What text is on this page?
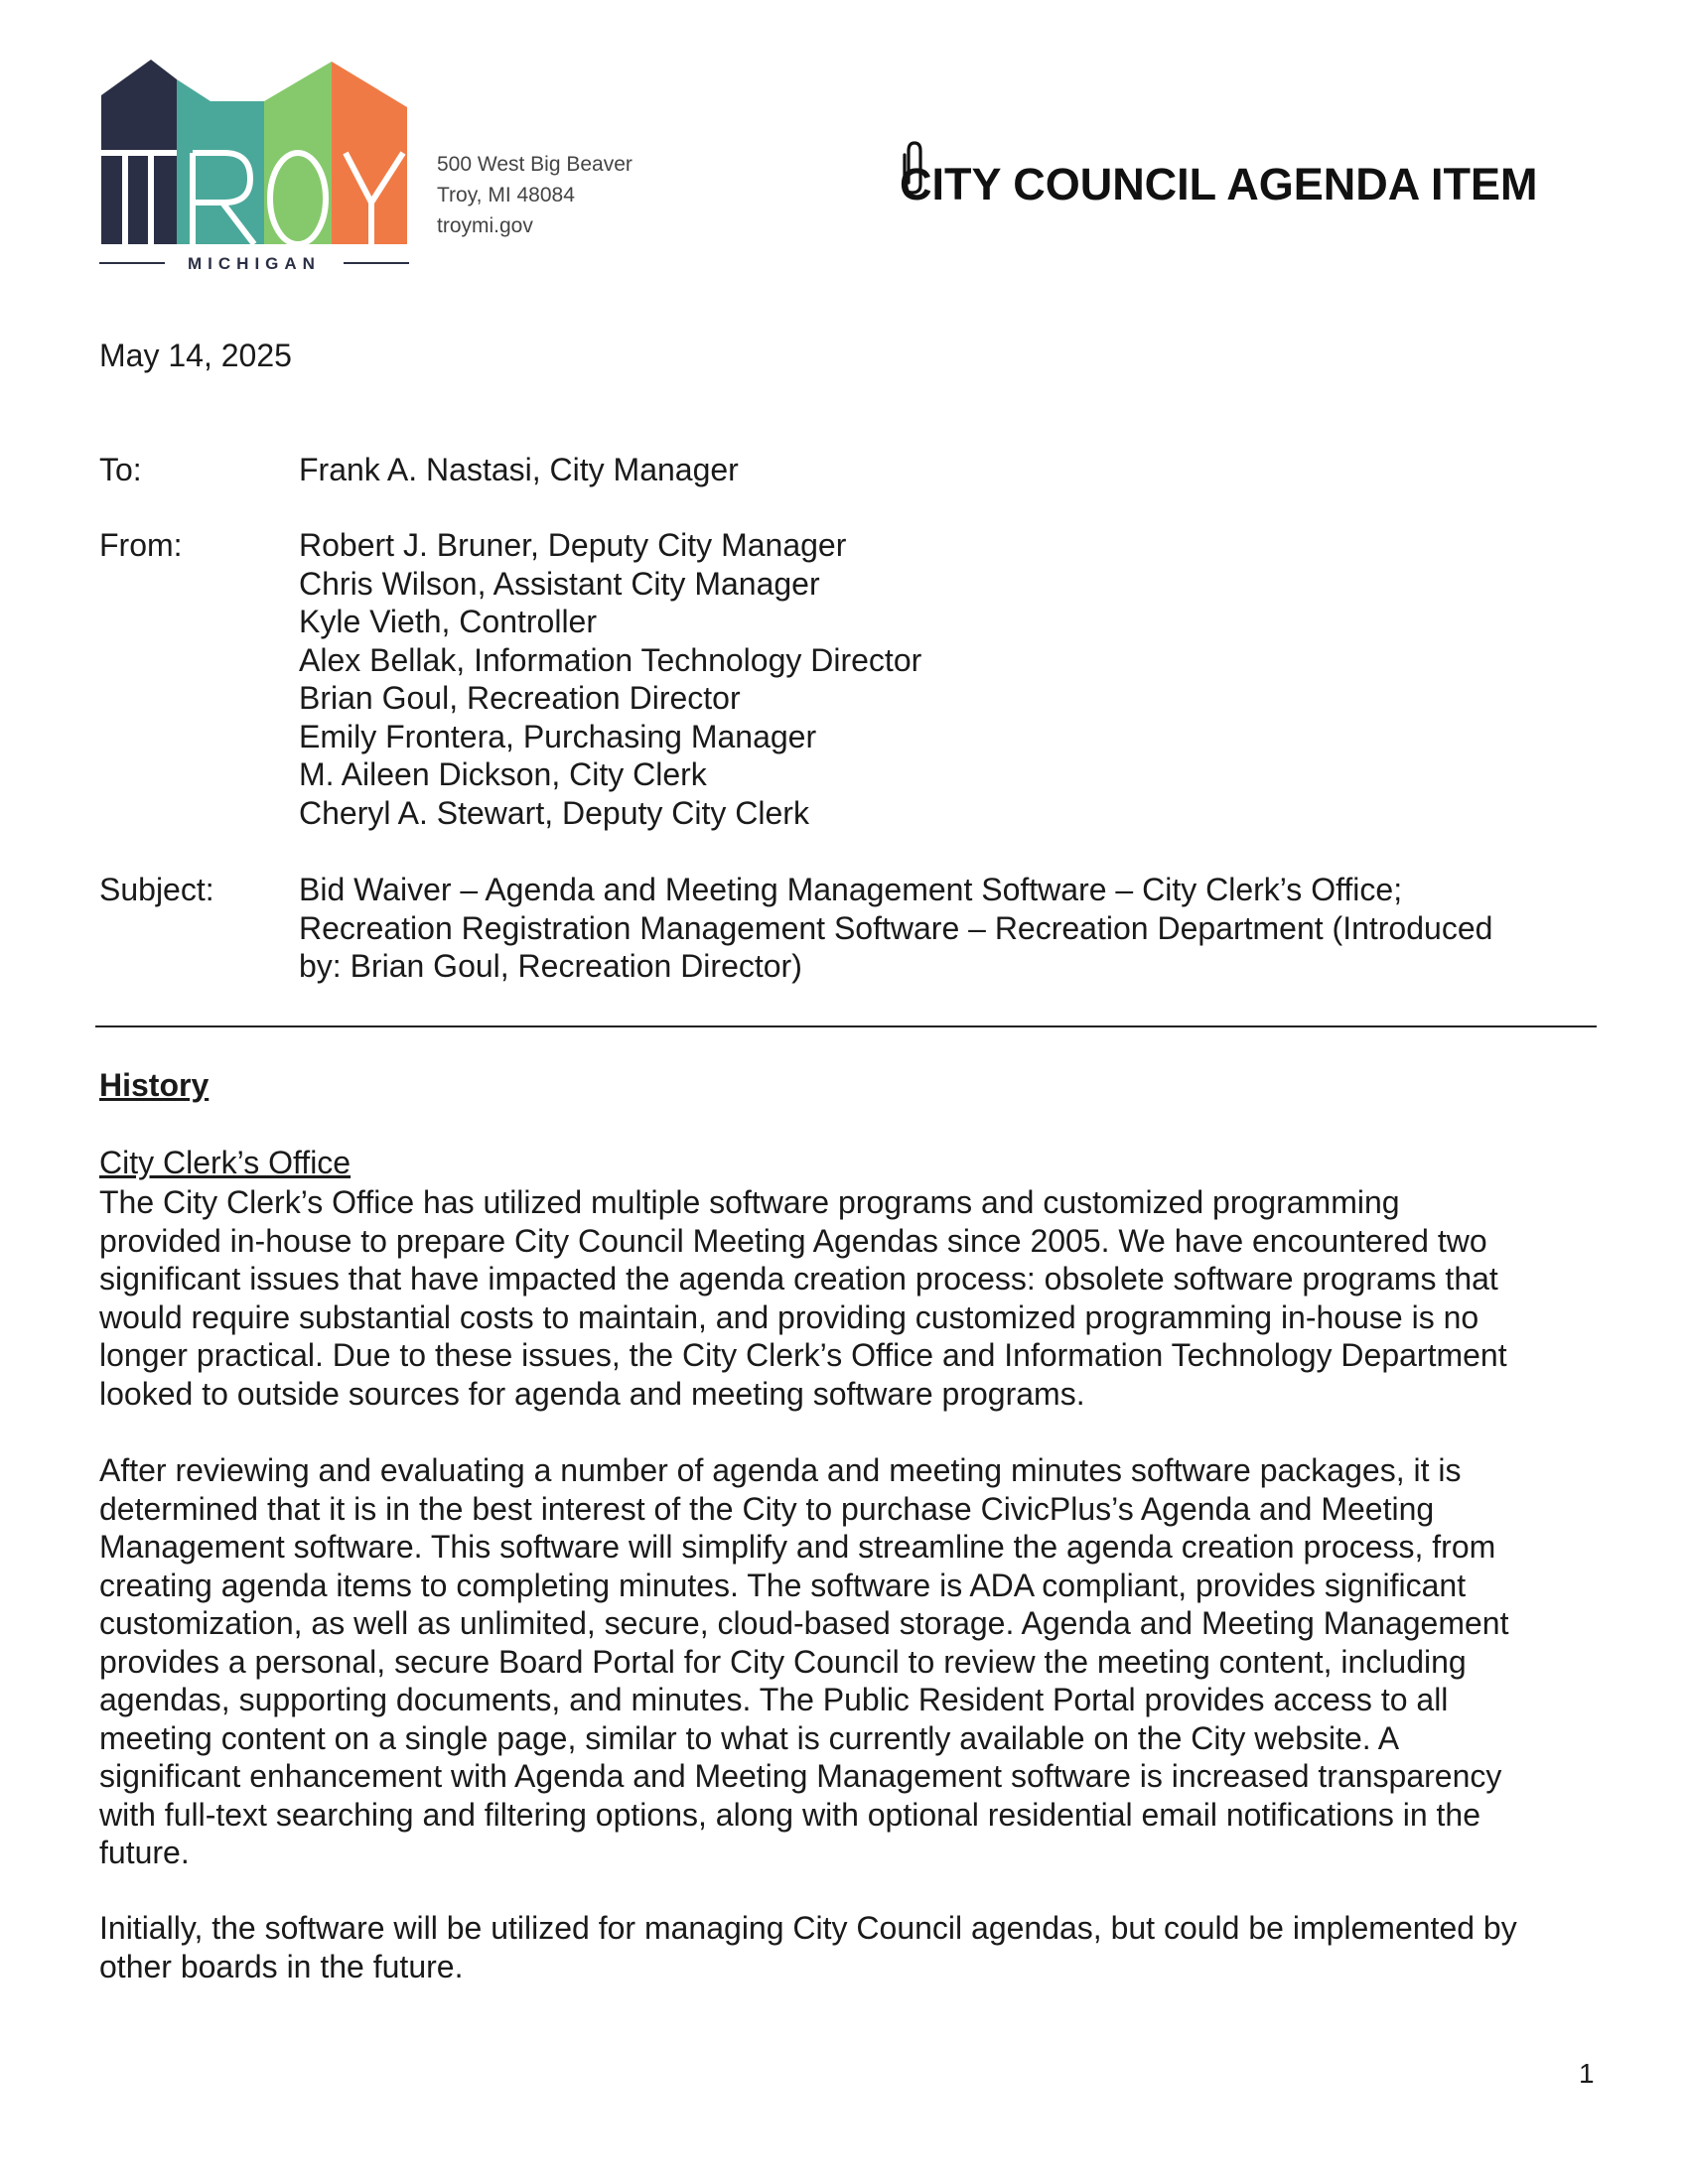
MICHIGAN
500 West Big Beaver
Troy, MI 48084
troymi.gov
CITY COUNCIL AGENDA ITEM
May 14, 2025
To:	Frank A. Nastasi, City Manager
From:	Robert J. Bruner, Deputy City Manager
Chris Wilson, Assistant City Manager
Kyle Vieth, Controller
Alex Bellak, Information Technology Director
Brian Goul, Recreation Director
Emily Frontera, Purchasing Manager
M. Aileen Dickson, City Clerk
Cheryl A. Stewart, Deputy City Clerk
Subject:	Bid Waiver – Agenda and Meeting Management Software – City Clerk’s Office;
Recreation Registration Management Software – Recreation Department (Introduced
by: Brian Goul, Recreation Director)
History
City Clerk’s Office
The City Clerk’s Office has utilized multiple software programs and customized programming
provided in-house to prepare City Council Meeting Agendas since 2005. We have encountered two
significant issues that have impacted the agenda creation process: obsolete software programs that
would require substantial costs to maintain, and providing customized programming in-house is no
longer practical. Due to these issues, the City Clerk’s Office and Information Technology Department
looked to outside sources for agenda and meeting software programs.
After reviewing and evaluating a number of agenda and meeting minutes software packages, it is
determined that it is in the best interest of the City to purchase CivicPlus’s Agenda and Meeting
Management software. This software will simplify and streamline the agenda creation process, from
creating agenda items to completing minutes. The software is ADA compliant, provides significant
customization, as well as unlimited, secure, cloud-based storage. Agenda and Meeting Management
provides a personal, secure Board Portal for City Council to review the meeting content, including
agendas, supporting documents, and minutes. The Public Resident Portal provides access to all
meeting content on a single page, similar to what is currently available on the City website. A
significant enhancement with Agenda and Meeting Management software is increased transparency
with full-text searching and filtering options, along with optional residential email notifications in the
future.
Initially, the software will be utilized for managing City Council agendas, but could be implemented by
other boards in the future.
1
